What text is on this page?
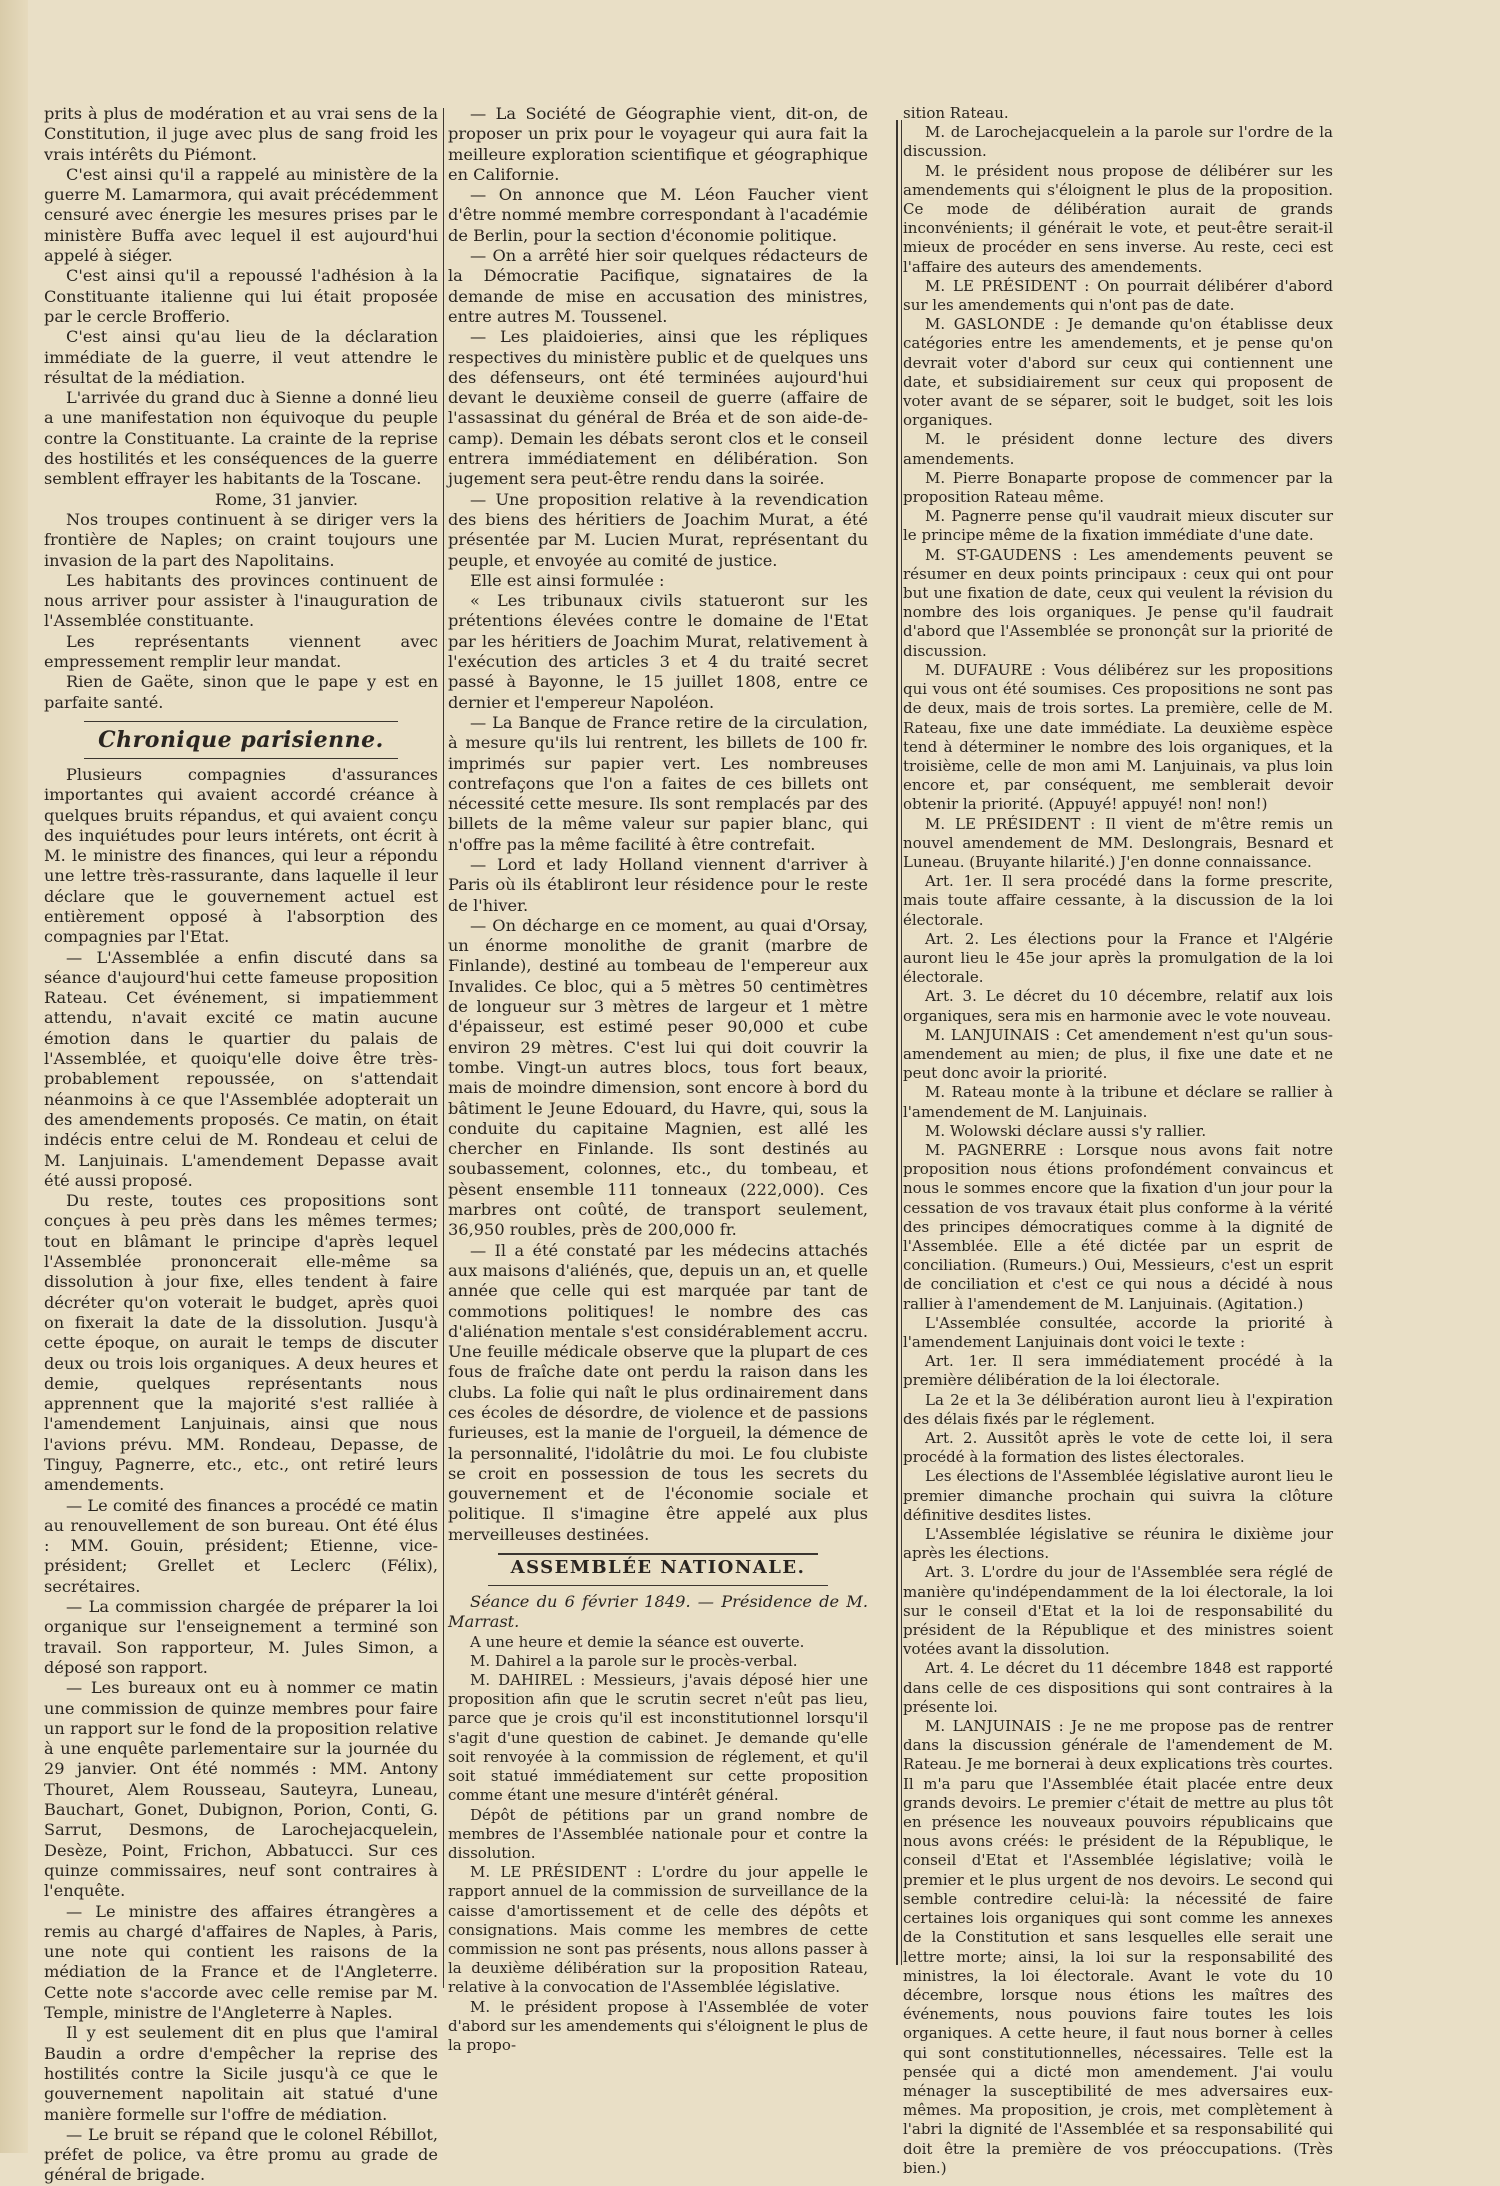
prits à plus de modération et au vrai sens de la Constitution, il juge avec plus de sang froid les vrais intérêts du Piémont.

C'est ainsi qu'il a rappelé au ministère de la guerre M. Lamarmora, qui avait précédemment censuré avec énergie les mesures prises par le ministère Buffa avec lequel il est aujourd'hui appelé à siéger.

C'est ainsi qu'il a repoussé l'adhésion à la Constituante italienne qui lui était proposée par le cercle Brofferio.

C'est ainsi qu'au lieu de la déclaration immédiate de la guerre, il veut attendre le résultat de la médiation.

L'arrivée du grand duc à Sienne a donné lieu a une manifestation non équivoque du peuple contre la Constituante. La crainte de la reprise des hostilités et les conséquences de la guerre semblent effrayer les habitants de la Toscane.

Rome, 31 janvier.

Nos troupes continuent à se diriger vers la frontière de Naples; on craint toujours une invasion de la part des Napolitains.

Les habitants des provinces continuent de nous arriver pour assister à l'inauguration de l'Assemblée constituante.

Les représentants viennent avec empressement remplir leur mandat.

Rien de Gaëte, sinon que le pape y est en parfaite santé.

Chronique parisienne.

Plusieurs compagnies d'assurances importantes qui avaient accordé créance à quelques bruits répandus, et qui avaient conçu des inquiétudes pour leurs intérets, ont écrit à M. le ministre des finances, qui leur a répondu une lettre très-rassurante, dans laquelle il leur déclare que le gouvernement actuel est entièrement opposé à l'absorption des compagnies par l'Etat.

— L'Assemblée a enfin discuté dans sa séance d'aujourd'hui cette fameuse proposition Rateau. Cet événement, si impatiemment attendu, n'avait excité ce matin aucune émotion dans le quartier du palais de l'Assemblée, et quoiqu'elle doive être très-probablement repoussée, on s'attendait néanmoins à ce que l'Assemblée adopterait un des amendements proposés. Ce matin, on était indécis entre celui de M. Rondeau et celui de M. Lanjuinais. L'amendement Depasse avait été aussi proposé.

Du reste, toutes ces propositions sont conçues à peu près dans les mêmes termes; tout en blâmant le principe d'après lequel l'Assemblée prononcerait elle-même sa dissolution à jour fixe, elles tendent à faire décréter qu'on voterait le budget, après quoi on fixerait la date de la dissolution. Jusqu'à cette époque, on aurait le temps de discuter deux ou trois lois organiques. A deux heures et demie, quelques représentants nous apprennent que la majorité s'est ralliée à l'amendement Lanjuinais, ainsi que nous l'avions prévu. MM. Rondeau, Depasse, de Tinguy, Pagnerre, etc., etc., ont retiré leurs amendements.

— Le comité des finances a procédé ce matin au renouvellement de son bureau. Ont été élus : MM. Gouin, président; Etienne, vice-président; Grellet et Leclerc (Félix), secrétaires.

— La commission chargée de préparer la loi organique sur l'enseignement a terminé son travail. Son rapporteur, M. Jules Simon, a déposé son rapport.

— Les bureaux ont eu à nommer ce matin une commission de quinze membres pour faire un rapport sur le fond de la proposition relative à une enquête parlementaire sur la journée du 29 janvier. Ont été nommés : MM. Antony Thouret, Alem Rousseau, Sauteyra, Luneau, Bauchart, Gonet, Dubignon, Porion, Conti, G. Sarrut, Desmons, de Larochejacquelein, Desèze, Point, Frichon, Abbatucci. Sur ces quinze commissaires, neuf sont contraires à l'enquête.

— Le ministre des affaires étrangères a remis au chargé d'affaires de Naples, à Paris, une note qui contient les raisons de la médiation de la France et de l'Angleterre. Cette note s'accorde avec celle remise par M. Temple, ministre de l'Angleterre à Naples.

Il y est seulement dit en plus que l'amiral Baudin a ordre d'empêcher la reprise des hostilités contre la Sicile jusqu'à ce que le gouvernement napolitain ait statué d'une manière formelle sur l'offre de médiation.

— Le bruit se répand que le colonel Rébillot, préfet de police, va être promu au grade de général de brigade.

— La Société de Géographie vient, dit-on, de proposer un prix pour le voyageur qui aura fait la meilleure exploration scientifique et géographique en Californie.

— On annonce que M. Léon Faucher vient d'être nommé membre correspondant à l'académie de Berlin, pour la section d'économie politique.

— On a arrêté hier soir quelques rédacteurs de la Démocratie Pacifique, signataires de la demande de mise en accusation des ministres, entre autres M. Toussenel.

— Les plaidoieries, ainsi que les répliques respectives du ministère public et de quelques uns des défenseurs, ont été terminées aujourd'hui devant le deuxième conseil de guerre (affaire de l'assassinat du général de Bréa et de son aide-de-camp). Demain les débats seront clos et le conseil entrera immédiatement en délibération. Son jugement sera peut-être rendu dans la soirée.

— Une proposition relative à la revendication des biens des héritiers de Joachim Murat, a été présentée par M. Lucien Murat, représentant du peuple, et envoyée au comité de justice.

Elle est ainsi formulée :

« Les tribunaux civils statueront sur les prétentions élevées contre le domaine de l'Etat par les héritiers de Joachim Murat, relativement à l'exécution des articles 3 et 4 du traité secret passé à Bayonne, le 15 juillet 1808, entre ce dernier et l'empereur Napoléon.

— La Banque de France retire de la circulation, à mesure qu'ils lui rentrent, les billets de 100 fr. imprimés sur papier vert. Les nombreuses contrefaçons que l'on a faites de ces billets ont nécessité cette mesure. Ils sont remplacés par des billets de la même valeur sur papier blanc, qui n'offre pas la même facilité à être contrefait.

— Lord et lady Holland viennent d'arriver à Paris où ils établiront leur résidence pour le reste de l'hiver.

— On décharge en ce moment, au quai d'Orsay, un énorme monolithe de granit (marbre de Finlande), destiné au tombeau de l'empereur aux Invalides. Ce bloc, qui a 5 mètres 50 centimètres de longueur sur 3 mètres de largeur et 1 mètre d'épaisseur, est estimé peser 90,000 et cube environ 29 mètres. C'est lui qui doit couvrir la tombe. Vingt-un autres blocs, tous fort beaux, mais de moindre dimension, sont encore à bord du bâtiment le Jeune Edouard, du Havre, qui, sous la conduite du capitaine Magnien, est allé les chercher en Finlande. Ils sont destinés au soubassement, colonnes, etc., du tombeau, et pèsent ensemble 111 tonneaux (222,000). Ces marbres ont coûté, de transport seulement, 36,950 roubles, près de 200,000 fr.

— Il a été constaté par les médecins attachés aux maisons d'aliénés, que, depuis un an, et quelle année que celle qui est marquée par tant de commotions politiques! le nombre des cas d'aliénation mentale s'est considérablement accru. Une feuille médicale observe que la plupart de ces fous de fraîche date ont perdu la raison dans les clubs. La folie qui naît le plus ordinairement dans ces écoles de désordre, de violence et de passions furieuses, est la manie de l'orgueil, la démence de la personnalité, l'idolâtrie du moi. Le fou clubiste se croit en possession de tous les secrets du gouvernement et de l'économie sociale et politique. Il s'imagine être appelé aux plus merveilleuses destinées.

ASSEMBLÉE NATIONALE.

Séance du 6 février 1849. — Présidence de M. Marrast.

A une heure et demie la séance est ouverte.

M. Dahirel a la parole sur le procès-verbal.

M. DAHIREL : Messieurs, j'avais déposé hier une proposition afin que le scrutin secret n'eût pas lieu, parce que je crois qu'il est inconstitutionnel lorsqu'il s'agit d'une question de cabinet. Je demande qu'elle soit renvoyée à la commission de réglement, et qu'il soit statué immédiatement sur cette proposition comme étant une mesure d'intérêt général.

Dépôt de pétitions par un grand nombre de membres de l'Assemblée nationale pour et contre la dissolution.

M. LE PRÉSIDENT : L'ordre du jour appelle le rapport annuel de la commission de surveillance de la caisse d'amortissement et de celle des dépôts et consignations. Mais comme les membres de cette commission ne sont pas présents, nous allons passer à la deuxième délibération sur la proposition Rateau, relative à la convocation de l'Assemblée législative.

M. le président propose à l'Assemblée de voter d'abord sur les amendements qui s'éloignent le plus de la propo-

sition Rateau.

M. de Larochejacquelein a la parole sur l'ordre de la discussion.

M. le président nous propose de délibérer sur les amendements qui s'éloignent le plus de la proposition. Ce mode de délibération aurait de grands inconvénients; il générait le vote, et peut-être serait-il mieux de procéder en sens inverse. Au reste, ceci est l'affaire des auteurs des amendements.

M. LE PRÉSIDENT : On pourrait délibérer d'abord sur les amendements qui n'ont pas de date.

M. GASLONDE : Je demande qu'on établisse deux catégories entre les amendements, et je pense qu'on devrait voter d'abord sur ceux qui contiennent une date, et subsidiairement sur ceux qui proposent de voter avant de se séparer, soit le budget, soit les lois organiques.

M. le président donne lecture des divers amendements.

M. Pierre Bonaparte propose de commencer par la proposition Rateau même.

M. Pagnerre pense qu'il vaudrait mieux discuter sur le principe même de la fixation immédiate d'une date.

M. ST-GAUDENS : Les amendements peuvent se résumer en deux points principaux : ceux qui ont pour but une fixation de date, ceux qui veulent la révision du nombre des lois organiques. Je pense qu'il faudrait d'abord que l'Assemblée se prononçât sur la priorité de discussion.

M. DUFAURE : Vous délibérez sur les propositions qui vous ont été soumises. Ces propositions ne sont pas de deux, mais de trois sortes. La première, celle de M. Rateau, fixe une date immédiate. La deuxième espèce tend à déterminer le nombre des lois organiques, et la troisième, celle de mon ami M. Lanjuinais, va plus loin encore et, par conséquent, me semblerait devoir obtenir la priorité. (Appuyé! appuyé! non! non!)

M. LE PRÉSIDENT : Il vient de m'être remis un nouvel amendement de MM. Deslongrais, Besnard et Luneau. (Bruyante hilarité.) J'en donne connaissance.

Art. 1er. Il sera procédé dans la forme prescrite, mais toute affaire cessante, à la discussion de la loi électorale.

Art. 2. Les élections pour la France et l'Algérie auront lieu le 45e jour après la promulgation de la loi électorale.

Art. 3. Le décret du 10 décembre, relatif aux lois organiques, sera mis en harmonie avec le vote nouveau.

M. LANJUINAIS : Cet amendement n'est qu'un sous-amendement au mien; de plus, il fixe une date et ne peut donc avoir la priorité.

M. Rateau monte à la tribune et déclare se rallier à l'amendement de M. Lanjuinais.

M. Wolowski déclare aussi s'y rallier.

M. PAGNERRE : Lorsque nous avons fait notre proposition nous étions profondément convaincus et nous le sommes encore que la fixation d'un jour pour la cessation de vos travaux était plus conforme à la vérité des principes démocratiques comme à la dignité de l'Assemblée. Elle a été dictée par un esprit de conciliation. (Rumeurs.) Oui, Messieurs, c'est un esprit de conciliation et c'est ce qui nous a décidé à nous rallier à l'amendement de M. Lanjuinais. (Agitation.)

L'Assemblée consultée, accorde la priorité à l'amendement Lanjuinais dont voici le texte :

Art. 1er. Il sera immédiatement procédé à la première délibération de la loi électorale.

La 2e et la 3e délibération auront lieu à l'expiration des délais fixés par le réglement.

Art. 2. Aussitôt après le vote de cette loi, il sera procédé à la formation des listes électorales.

Les élections de l'Assemblée législative auront lieu le premier dimanche prochain qui suivra la clôture définitive desdites listes.

L'Assemblée législative se réunira le dixième jour après les élections.

Art. 3. L'ordre du jour de l'Assemblée sera réglé de manière qu'indépendamment de la loi électorale, la loi sur le conseil d'Etat et la loi de responsabilité du président de la République et des ministres soient votées avant la dissolution.

Art. 4. Le décret du 11 décembre 1848 est rapporté dans celle de ces dispositions qui sont contraires à la présente loi.

M. LANJUINAIS : Je ne me propose pas de rentrer dans la discussion générale de l'amendement de M. Rateau. Je me bornerai à deux explications très courtes. Il m'a paru que l'Assemblée était placée entre deux grands devoirs. Le premier c'était de mettre au plus tôt en présence les nouveaux pouvoirs républicains que nous avons créés: le président de la République, le conseil d'Etat et l'Assemblée législative; voilà le premier et le plus urgent de nos devoirs. Le second qui semble contredire celui-là: la nécessité de faire certaines lois organiques qui sont comme les annexes de la Constitution et sans lesquelles elle serait une lettre morte; ainsi, la loi sur la responsabilité des ministres, la loi électorale. Avant le vote du 10 décembre, lorsque nous étions les maîtres des événements, nous pouvions faire toutes les lois organiques. A cette heure, il faut nous borner à celles qui sont constitutionnelles, nécessaires. Telle est la pensée qui a dicté mon amendement. J'ai voulu ménager la susceptibilité de mes adversaires eux-mêmes. Ma proposition, je crois, met complètement à l'abri la dignité de l'Assemblée et sa responsabilité qui doit être la première de vos préoccupations. (Très bien.)
